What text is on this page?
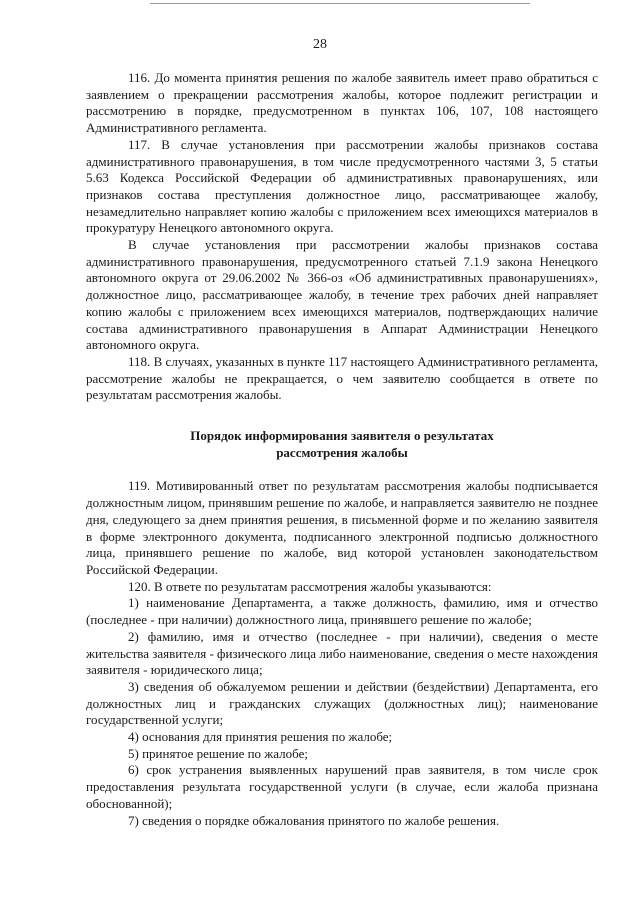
28

116. До момента принятия решения по жалобе заявитель имеет право обратиться с заявлением о прекращении рассмотрения жалобы, которое подлежит регистрации и рассмотрению в порядке, предусмотренном в пунктах 106, 107, 108 настоящего Административного регламента.

117. В случае установления при рассмотрении жалобы признаков состава административного правонарушения, в том числе предусмотренного частями 3, 5 статьи 5.63 Кодекса Российской Федерации об административных правонарушениях, или признаков состава преступления должностное лицо, рассматривающее жалобу, незамедлительно направляет копию жалобы с приложением всех имеющихся материалов в прокуратуру Ненецкого автономного округа.

В случае установления при рассмотрении жалобы признаков состава административного правонарушения, предусмотренного статьей 7.1.9 закона Ненецкого автономного округа от 29.06.2002 № 366-оз «Об административных правонарушениях», должностное лицо, рассматривающее жалобу, в течение трех рабочих дней направляет копию жалобы с приложением всех имеющихся материалов, подтверждающих наличие состава административного правонарушения в Аппарат Администрации Ненецкого автономного округа.

118. В случаях, указанных в пункте 117 настоящего Административного регламента, рассмотрение жалобы не прекращается, о чем заявителю сообщается в ответе по результатам рассмотрения жалобы.

Порядок информирования заявителя о результатах
рассмотрения жалобы

119. Мотивированный ответ по результатам рассмотрения жалобы подписывается должностным лицом, принявшим решение по жалобе, и направляется заявителю не позднее дня, следующего за днем принятия решения, в письменной форме и по желанию заявителя в форме электронного документа, подписанного электронной подписью должностного лица, принявшего решение по жалобе, вид которой установлен законодательством Российской Федерации.

120. В ответе по результатам рассмотрения жалобы указываются:

1) наименование Департамента, а также должность, фамилию, имя и отчество (последнее - при наличии) должностного лица, принявшего решение по жалобе;

2) фамилию, имя и отчество (последнее - при наличии), сведения о месте жительства заявителя - физического лица либо наименование, сведения о месте нахождения заявителя - юридического лица;

3) сведения об обжалуемом решении и действии (бездействии) Департамента, его должностных лиц и гражданских служащих (должностных лиц); наименование государственной услуги;

4) основания для принятия решения по жалобе;

5) принятое решение по жалобе;

6) срок устранения выявленных нарушений прав заявителя, в том числе срок предоставления результата государственной услуги (в случае, если жалоба признана обоснованной);

7) сведения о порядке обжалования принятого по жалобе решения.
